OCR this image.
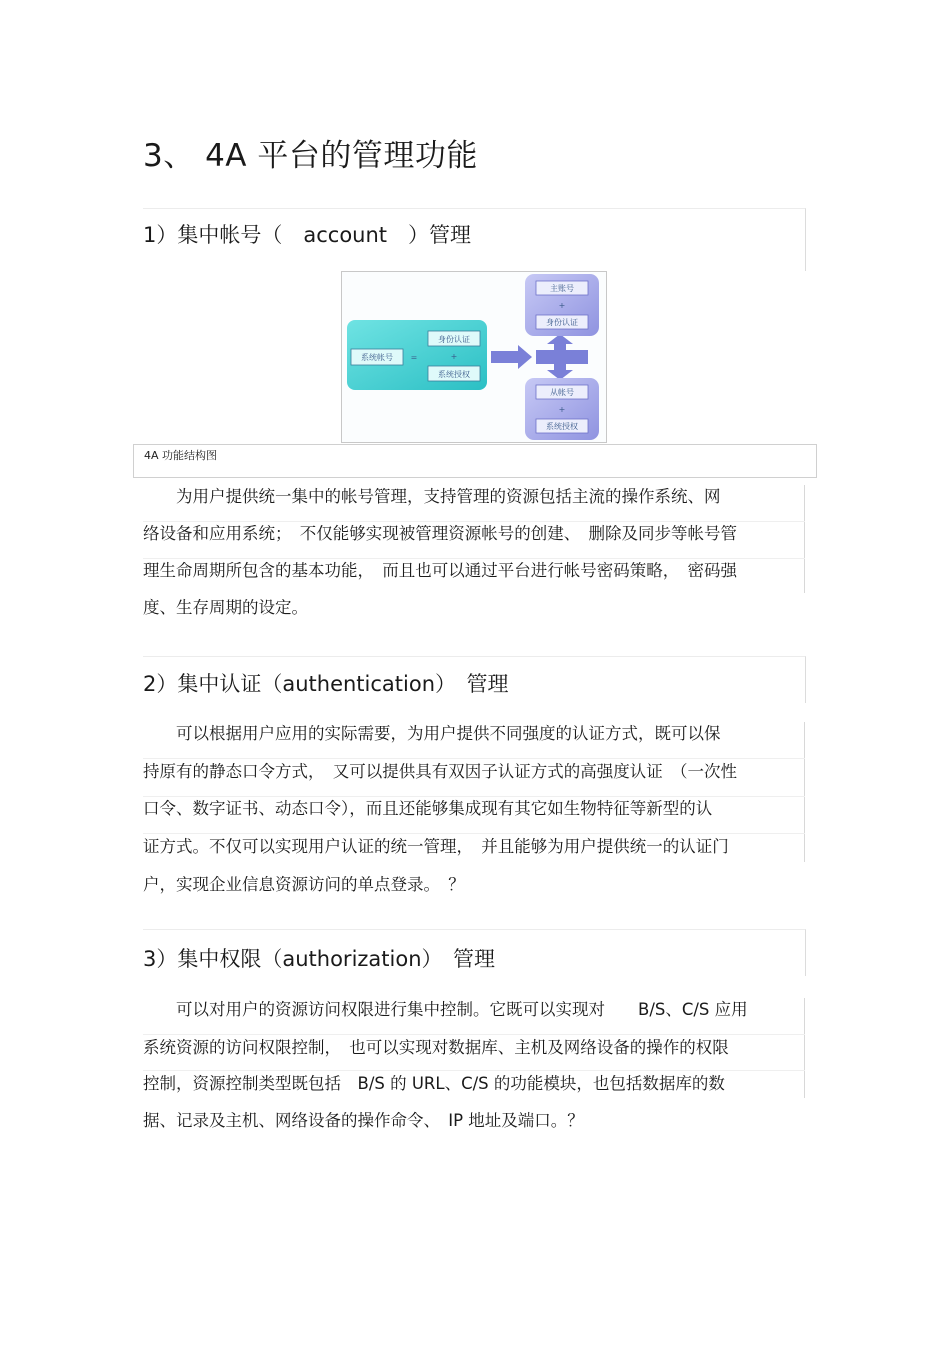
3、 4A 平台的管理功能
1）集中帐号（　account　）管理
系统帐号 =
身份认证
+
系统授权
主账号
+
身份认证
从帐号
+
系统授权
4A 功能结构图
　　为用户提供统一集中的帐号管理，支持管理的资源包括主流的操作系统、网
络设备和应用系统；　不仅能够实现被管理资源帐号的创建、　删除及同步等帐号管
理生命周期所包含的基本功能，　而且也可以通过平台进行帐号密码策略，　密码强
度、生存周期的设定。
2）集中认证（authentication）　管理
　　可以根据用户应用的实际需要，为用户提供不同强度的认证方式，既可以保
持原有的静态口令方式，　又可以提供具有双因子认证方式的高强度认证　（一次性
口令、数字证书、动态口令），而且还能够集成现有其它如生物特征等新型的认
证方式。不仅可以实现用户认证的统一管理，　并且能够为用户提供统一的认证门
户，实现企业信息资源访问的单点登录。　？
3）集中权限（authorization）　管理
　　可以对用户的资源访问权限进行集中控制。它既可以实现对　　B/S、C/S 应用
系统资源的访问权限控制，　也可以实现对数据库、主机及网络设备的操作的权限
控制，资源控制类型既包括　B/S 的 URL、C/S 的功能模块，也包括数据库的数
据、记录及主机、网络设备的操作命令、　IP 地址及端口。？
